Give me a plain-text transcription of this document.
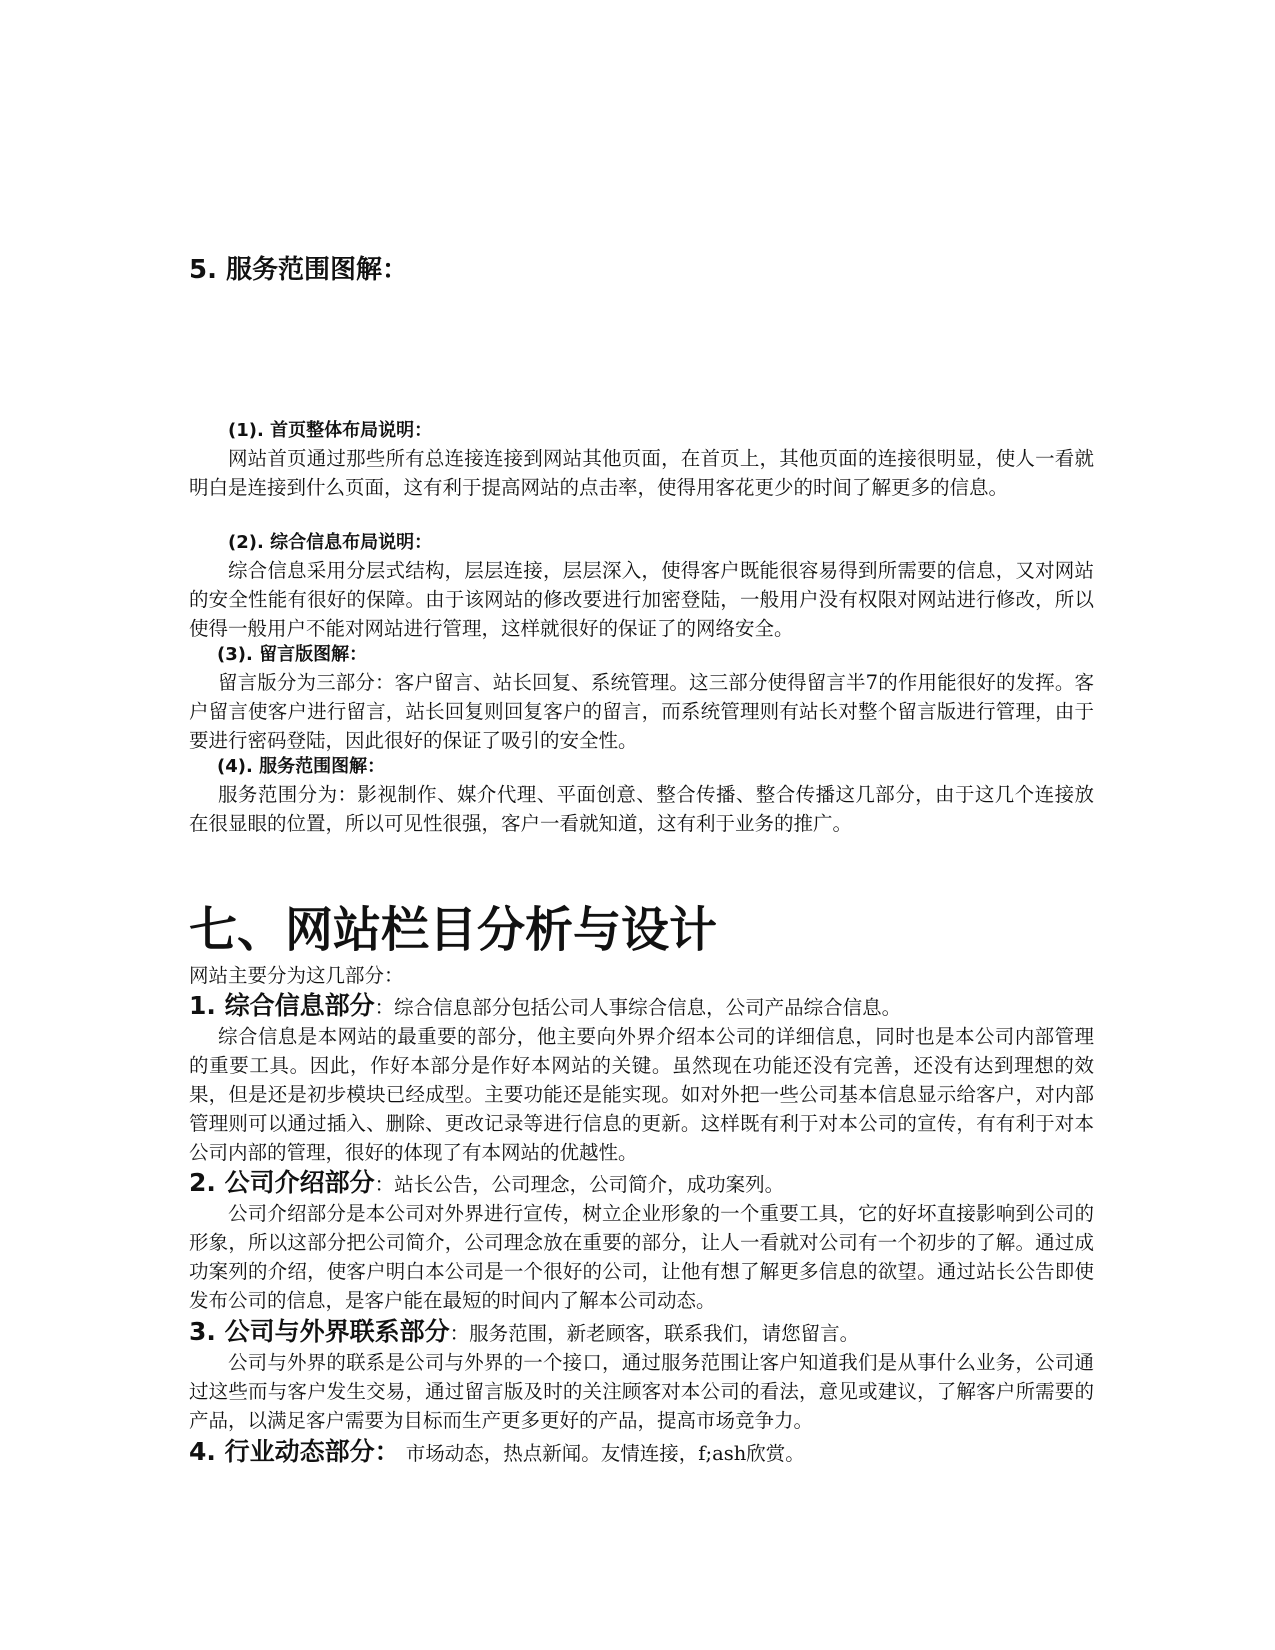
5. 服务范围图解：
(1). 首页整体布局说明：

网站首页通过那些所有总连接连接到网站其他页面，在首页上，其他页面的连接很明显，使人一看就明白是连接到什么页面，这有利于提高网站的点击率，使得用客花更少的时间了解更多的信息。

(2). 综合信息布局说明：

综合信息采用分层式结构，层层连接，层层深入，使得客户既能很容易得到所需要的信息，又对网站的安全性能有很好的保障。由于该网站的修改要进行加密登陆，一般用户没有权限对网站进行修改，所以使得一般用户不能对网站进行管理，这样就很好的保证了的网络安全。

(3). 留言版图解：

留言版分为三部分：客户留言、站长回复、系统管理。这三部分使得留言半7的作用能很好的发挥。客户留言使客户进行留言，站长回复则回复客户的留言，而系统管理则有站长对整个留言版进行管理，由于要进行密码登陆，因此很好的保证了吸引的安全性。

(4). 服务范围图解：

服务范围分为：影视制作、媒介代理、平面创意、整合传播、整合传播这几部分，由于这几个连接放在很显眼的位置，所以可见性很强，客户一看就知道，这有利于业务的推广。

七、网站栏目分析与设计
网站主要分为这几部分：
1. 综合信息部分：综合信息部分包括公司人事综合信息，公司产品综合信息。

综合信息是本网站的最重要的部分，他主要向外界介绍本公司的详细信息，同时也是本公司内部管理的重要工具。因此，作好本部分是作好本网站的关键。虽然现在功能还没有完善，还没有达到理想的效果，但是还是初步模块已经成型。主要功能还是能实现。如对外把一些公司基本信息显示给客户，对内部管理则可以通过插入、删除、更改记录等进行信息的更新。这样既有利于对本公司的宣传，有有利于对本公司内部的管理，很好的体现了有本网站的优越性。

2. 公司介绍部分：站长公告，公司理念，公司简介，成功案列。

公司介绍部分是本公司对外界进行宣传，树立企业形象的一个重要工具，它的好坏直接影响到公司的形象，所以这部分把公司简介，公司理念放在重要的部分，让人一看就对公司有一个初步的了解。通过成功案列的介绍，使客户明白本公司是一个很好的公司，让他有想了解更多信息的欲望。通过站长公告即使发布公司的信息，是客户能在最短的时间内了解本公司动态。

3. 公司与外界联系部分：服务范围，新老顾客，联系我们，请您留言。

公司与外界的联系是公司与外界的一个接口，通过服务范围让客户知道我们是从事什么业务，公司通过这些而与客户发生交易，通过留言版及时的关注顾客对本公司的看法，意见或建议，了解客户所需要的产品，以满足客户需要为目标而生产更多更好的产品，提高市场竞争力。

4. 行业动态部分： 市场动态，热点新闻。友情连接，f;ash欣赏。
